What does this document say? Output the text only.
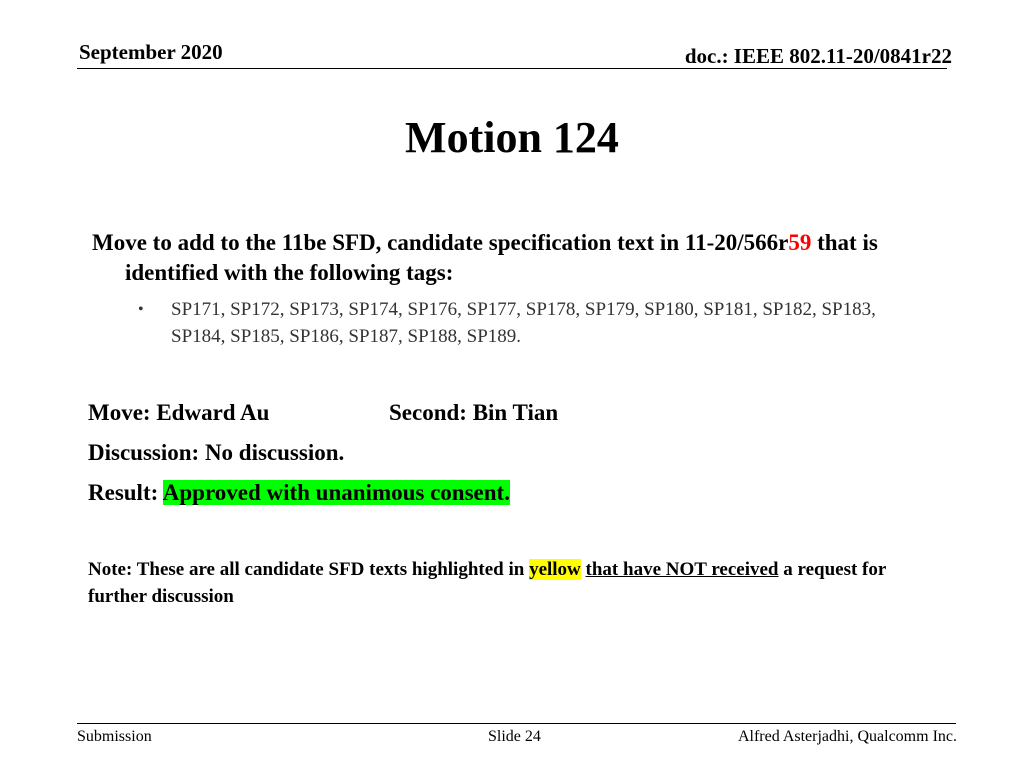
September 2020	doc.: IEEE 802.11-20/0841r22
Motion 124
Move to add to the 11be SFD, candidate specification text in 11-20/566r59 that is identified with the following tags:
• SP171, SP172, SP173, SP174, SP176, SP177, SP178, SP179, SP180, SP181, SP182, SP183, SP184, SP185, SP186, SP187, SP188, SP189.
Move: Edward Au	Second: Bin Tian
Discussion: No discussion.
Result: Approved with unanimous consent.
Note: These are all candidate SFD texts highlighted in yellow that have NOT received a request for further discussion
Submission	Slide 24	Alfred Asterjadhi, Qualcomm Inc.
